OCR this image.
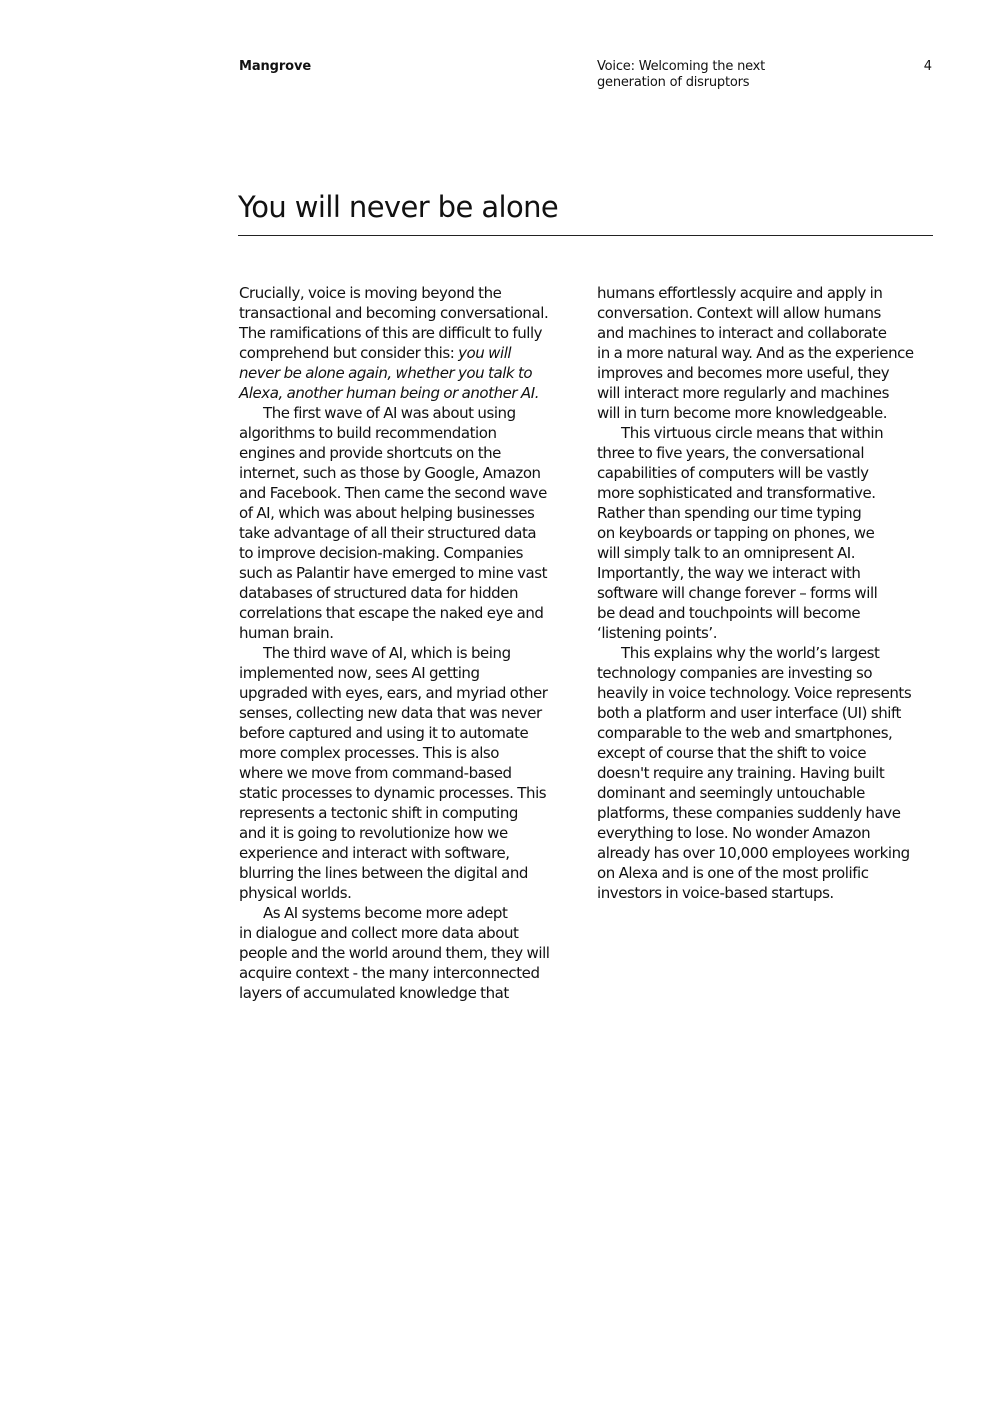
Mangrove	Voice: Welcoming the next
generation of disruptors
4
You will never be alone
Crucially, voice is moving beyond the
transactional and becoming conversational.
The ramifications of this are difficult to fully
comprehend but consider this: you will
never be alone again, whether you talk to
Alexa, another human being or another AI.
The first wave of AI was about using
algorithms to build recommendation
engines and provide shortcuts on the
internet, such as those by Google, Amazon
and Facebook. Then came the second wave
of AI, which was about helping businesses
take advantage of all their structured data
to improve decision-making. Companies
such as Palantir have emerged to mine vast
databases of structured data for hidden
correlations that escape the naked eye and
human brain.
The third wave of AI, which is being
implemented now, sees AI getting
upgraded with eyes, ears, and myriad other
senses, collecting new data that was never
before captured and using it to automate
more complex processes. This is also
where we move from command-based
static processes to dynamic processes. This
represents a tectonic shift in computing
and it is going to revolutionize how we
experience and interact with software,
blurring the lines between the digital and
physical worlds.
As AI systems become more adept
in dialogue and collect more data about
people and the world around them, they will
acquire context - the many interconnected
layers of accumulated knowledge that
humans effortlessly acquire and apply in
conversation. Context will allow humans
and machines to interact and collaborate
in a more natural way. And as the experience
improves and becomes more useful, they
will interact more regularly and machines
will in turn become more knowledgeable.
This virtuous circle means that within
three to five years, the conversational
capabilities of computers will be vastly
more sophisticated and transformative.
Rather than spending our time typing
on keyboards or tapping on phones, we
will simply talk to an omnipresent AI.
Importantly, the way we interact with
software will change forever – forms will
be dead and touchpoints will become
‘listening points’.
This explains why the world’s largest
technology companies are investing so
heavily in voice technology. Voice represents
both a platform and user interface (UI) shift
comparable to the web and smartphones,
except of course that the shift to voice
doesn't require any training. Having built
dominant and seemingly untouchable
platforms, these companies suddenly have
everything to lose. No wonder Amazon
already has over 10,000 employees working
on Alexa and is one of the most prolific
investors in voice-based startups.
